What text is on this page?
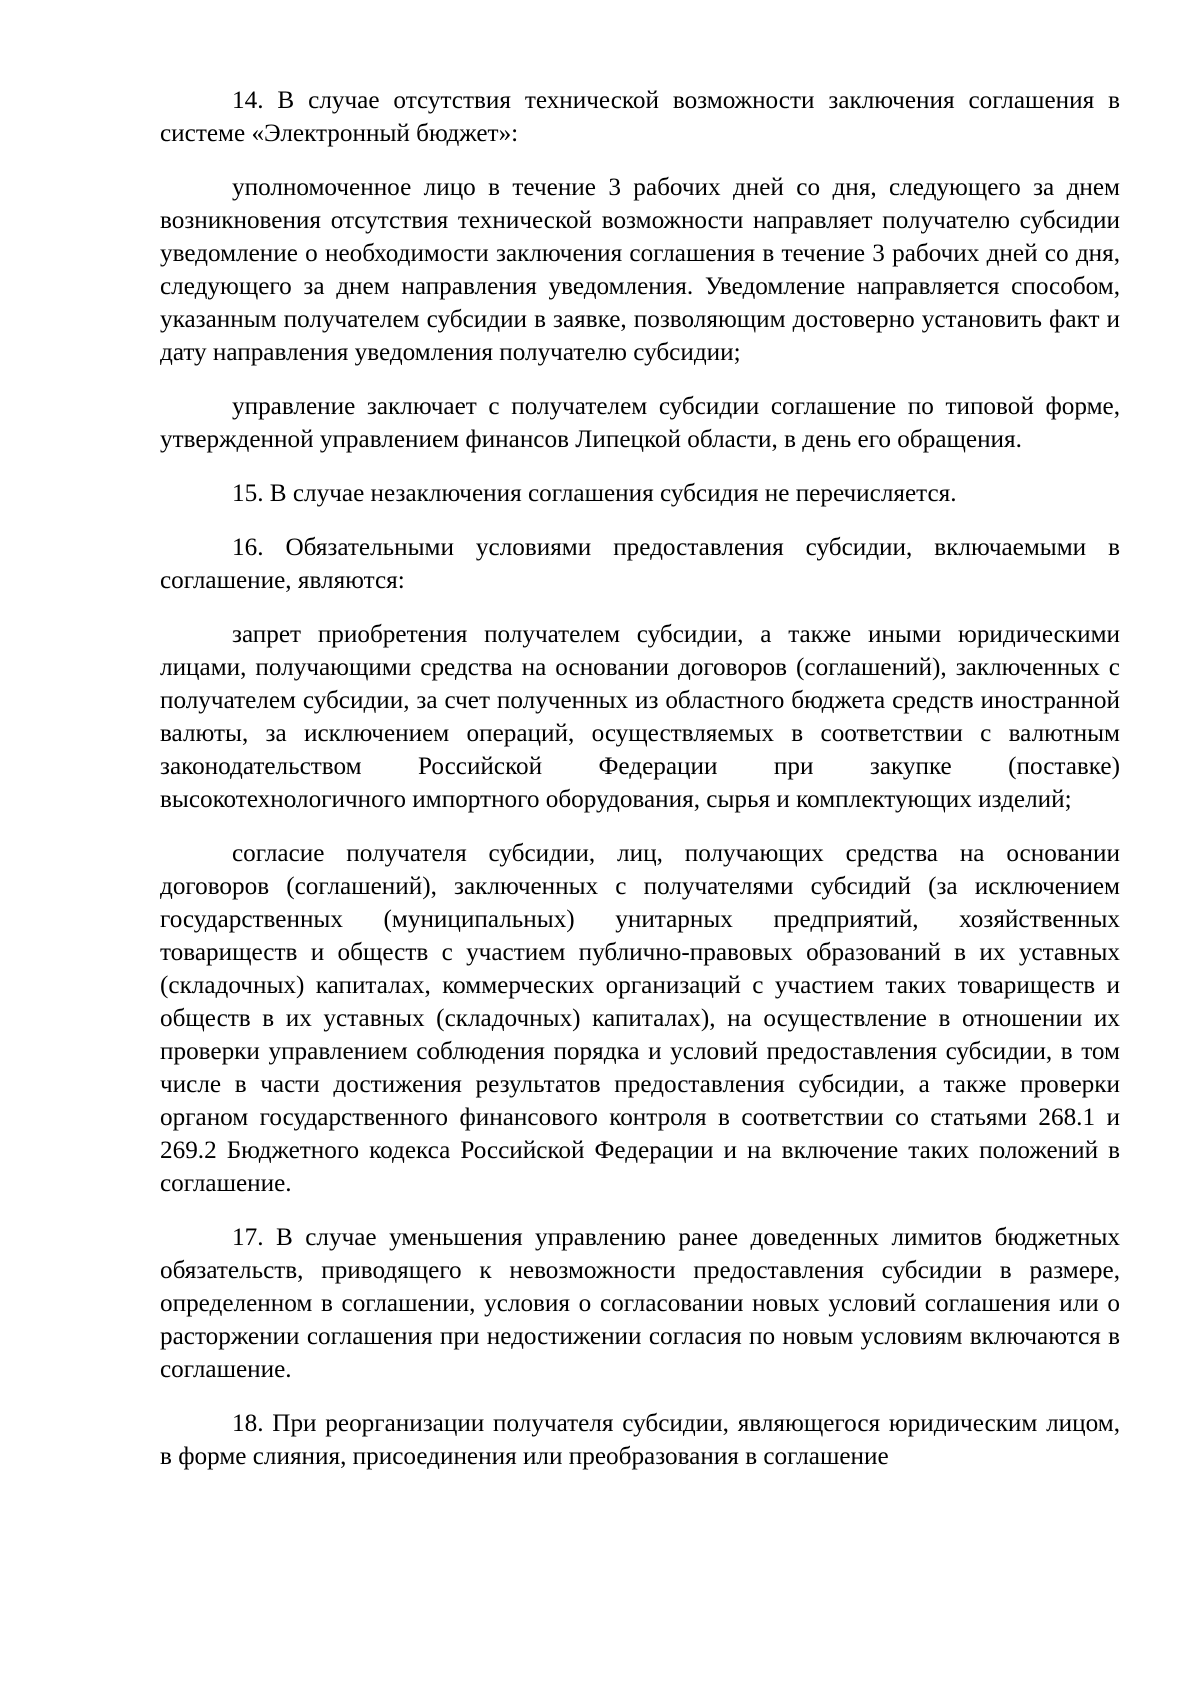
14. В случае отсутствия технической возможности заключения соглашения в системе «Электронный бюджет»:

уполномоченное лицо в течение 3 рабочих дней со дня, следующего за днем возникновения отсутствия технической возможности направляет получателю субсидии уведомление о необходимости заключения соглашения в течение 3 рабочих дней со дня, следующего за днем направления уведомления. Уведомление направляется способом, указанным получателем субсидии в заявке, позволяющим достоверно установить факт и дату направления уведомления получателю субсидии;

управление заключает с получателем субсидии соглашение по типовой форме, утвержденной управлением финансов Липецкой области, в день его обращения.

15. В случае незаключения соглашения субсидия не перечисляется.

16. Обязательными условиями предоставления субсидии, включаемыми в соглашение, являются:

запрет приобретения получателем субсидии, а также иными юридическими лицами, получающими средства на основании договоров (соглашений), заключенных с получателем субсидии, за счет полученных из областного бюджета средств иностранной валюты, за исключением операций, осуществляемых в соответствии с валютным законодательством Российской Федерации при закупке (поставке) высокотехнологичного импортного оборудования, сырья и комплектующих изделий;

согласие получателя субсидии, лиц, получающих средства на основании договоров (соглашений), заключенных с получателями субсидий (за исключением государственных (муниципальных) унитарных предприятий, хозяйственных товариществ и обществ с участием публично-правовых образований в их уставных (складочных) капиталах, коммерческих организаций с участием таких товариществ и обществ в их уставных (складочных) капиталах), на осуществление в отношении их проверки управлением соблюдения порядка и условий предоставления субсидии, в том числе в части достижения результатов предоставления субсидии, а также проверки органом государственного финансового контроля в соответствии со статьями 268.1 и 269.2 Бюджетного кодекса Российской Федерации и на включение таких положений в соглашение.

17. В случае уменьшения управлению ранее доведенных лимитов бюджетных обязательств, приводящего к невозможности предоставления субсидии в размере, определенном в соглашении, условия о согласовании новых условий соглашения или о расторжении соглашения при недостижении согласия по новым условиям включаются в соглашение.

18. При реорганизации получателя субсидии, являющегося юридическим лицом, в форме слияния, присоединения или преобразования в соглашение
